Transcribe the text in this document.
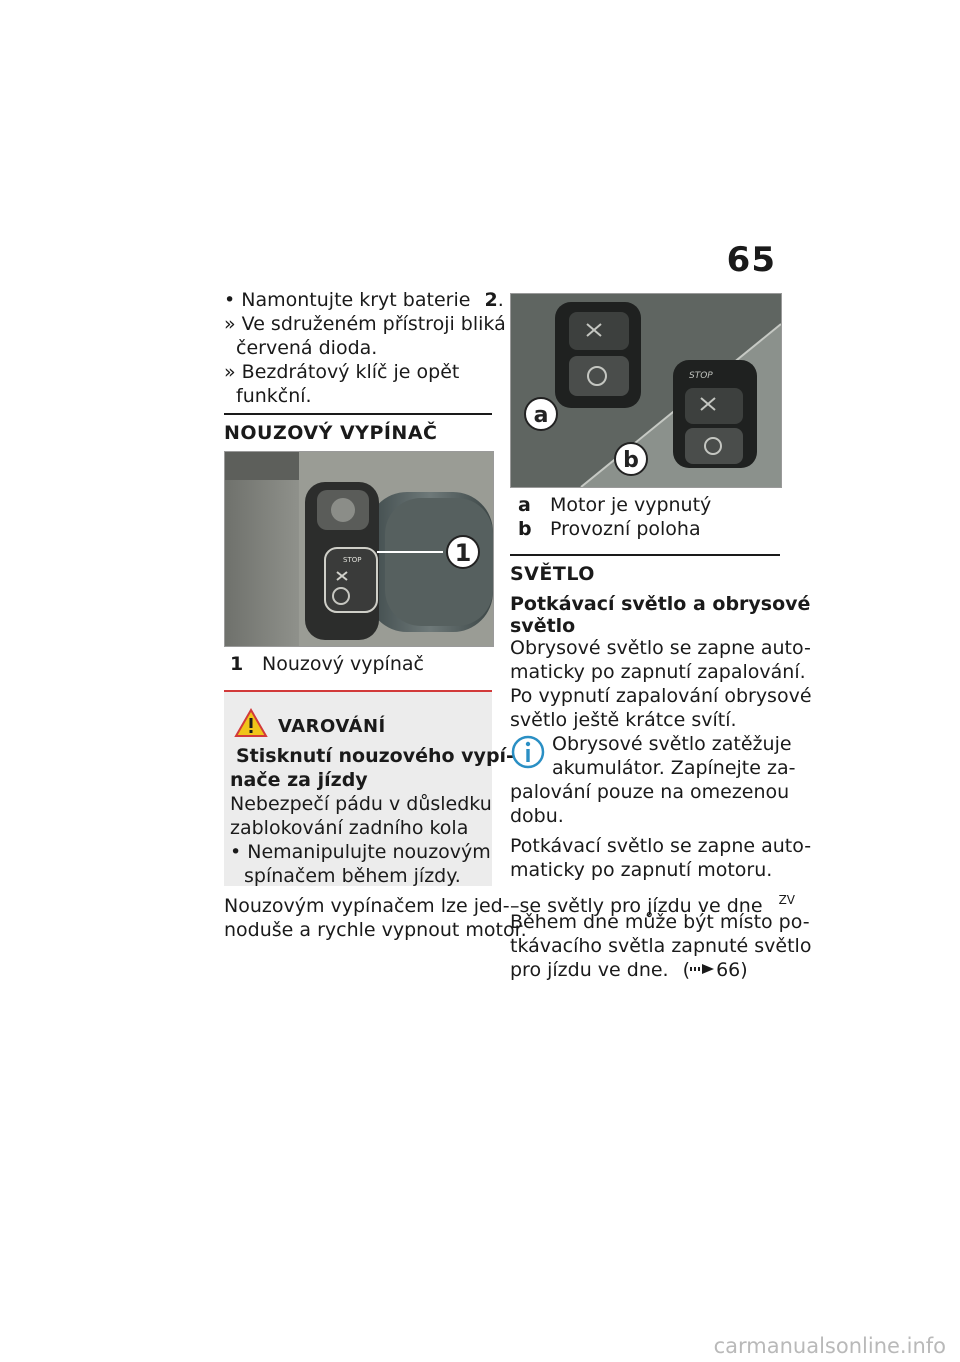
65
• Namontujte kryt baterie 2.
» Ve sdruženém přístroji bliká
červená dioda.
» Bezdrátový klíč je opět
funkční.
NOUZOVÝ VYPÍNAČ
STOP	1
1 Nouzový vypínač
VAROVÁNÍ
Stisknutí nouzového vypí-
nače za jízdy
Nebezpečí pádu v důsledku
zablokování zadního kola
• Nemanipulujte nouzovým
spínačem během jízdy.
Nouzovým vypínačem lze jed-
noduše a rychle vypnout motor.
STOP
a
b
a Motor je vypnutý
b Provozní poloha
SVĚTLO
Potkávací světlo a obrysové
světlo
Obrysové světlo se zapne auto-
maticky po zapnutí zapalování.
Po vypnutí zapalování obrysové
světlo ještě krátce svítí.
Obrysové světlo zatěžuje
akumulátor. Zapínejte za-
palování pouze na omezenou
dobu.
Potkávací světlo se zapne auto-
maticky po zapnutí motoru.
–se světly pro jízdu ve dne $^{ZV}$
Během dne může být místo po-
tkávacího světla zapnuté světlo
pro jízdu ve dne. ( 66)
carmanualsonline.info
